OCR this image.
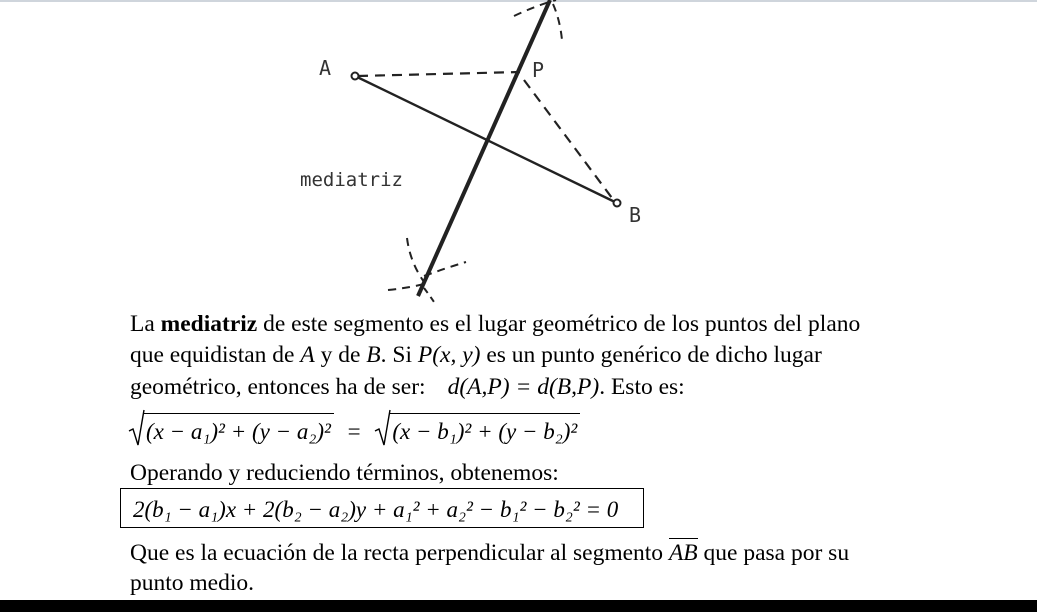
A	P
B
mediatriz
La mediatriz de este segmento es el lugar geométrico de los puntos del plano
que equidistan de A y de B. Si P(x, y) es un punto genérico de dicho lugar
geométrico, entonces ha de ser: d(A,P) = d(B,P). Esto es:
(x − a₁)² + (y − a₂)² = (x − b₁)² + (y − b₂)²
Operando y reduciendo términos, obtenemos:
2(b₁ − a₁)x + 2(b₂ − a₂)y + a₁² + a₂² − b₁² − b₂² = 0
Que es la ecuación de la recta perpendicular al segmento AB que pasa por su
punto medio.
